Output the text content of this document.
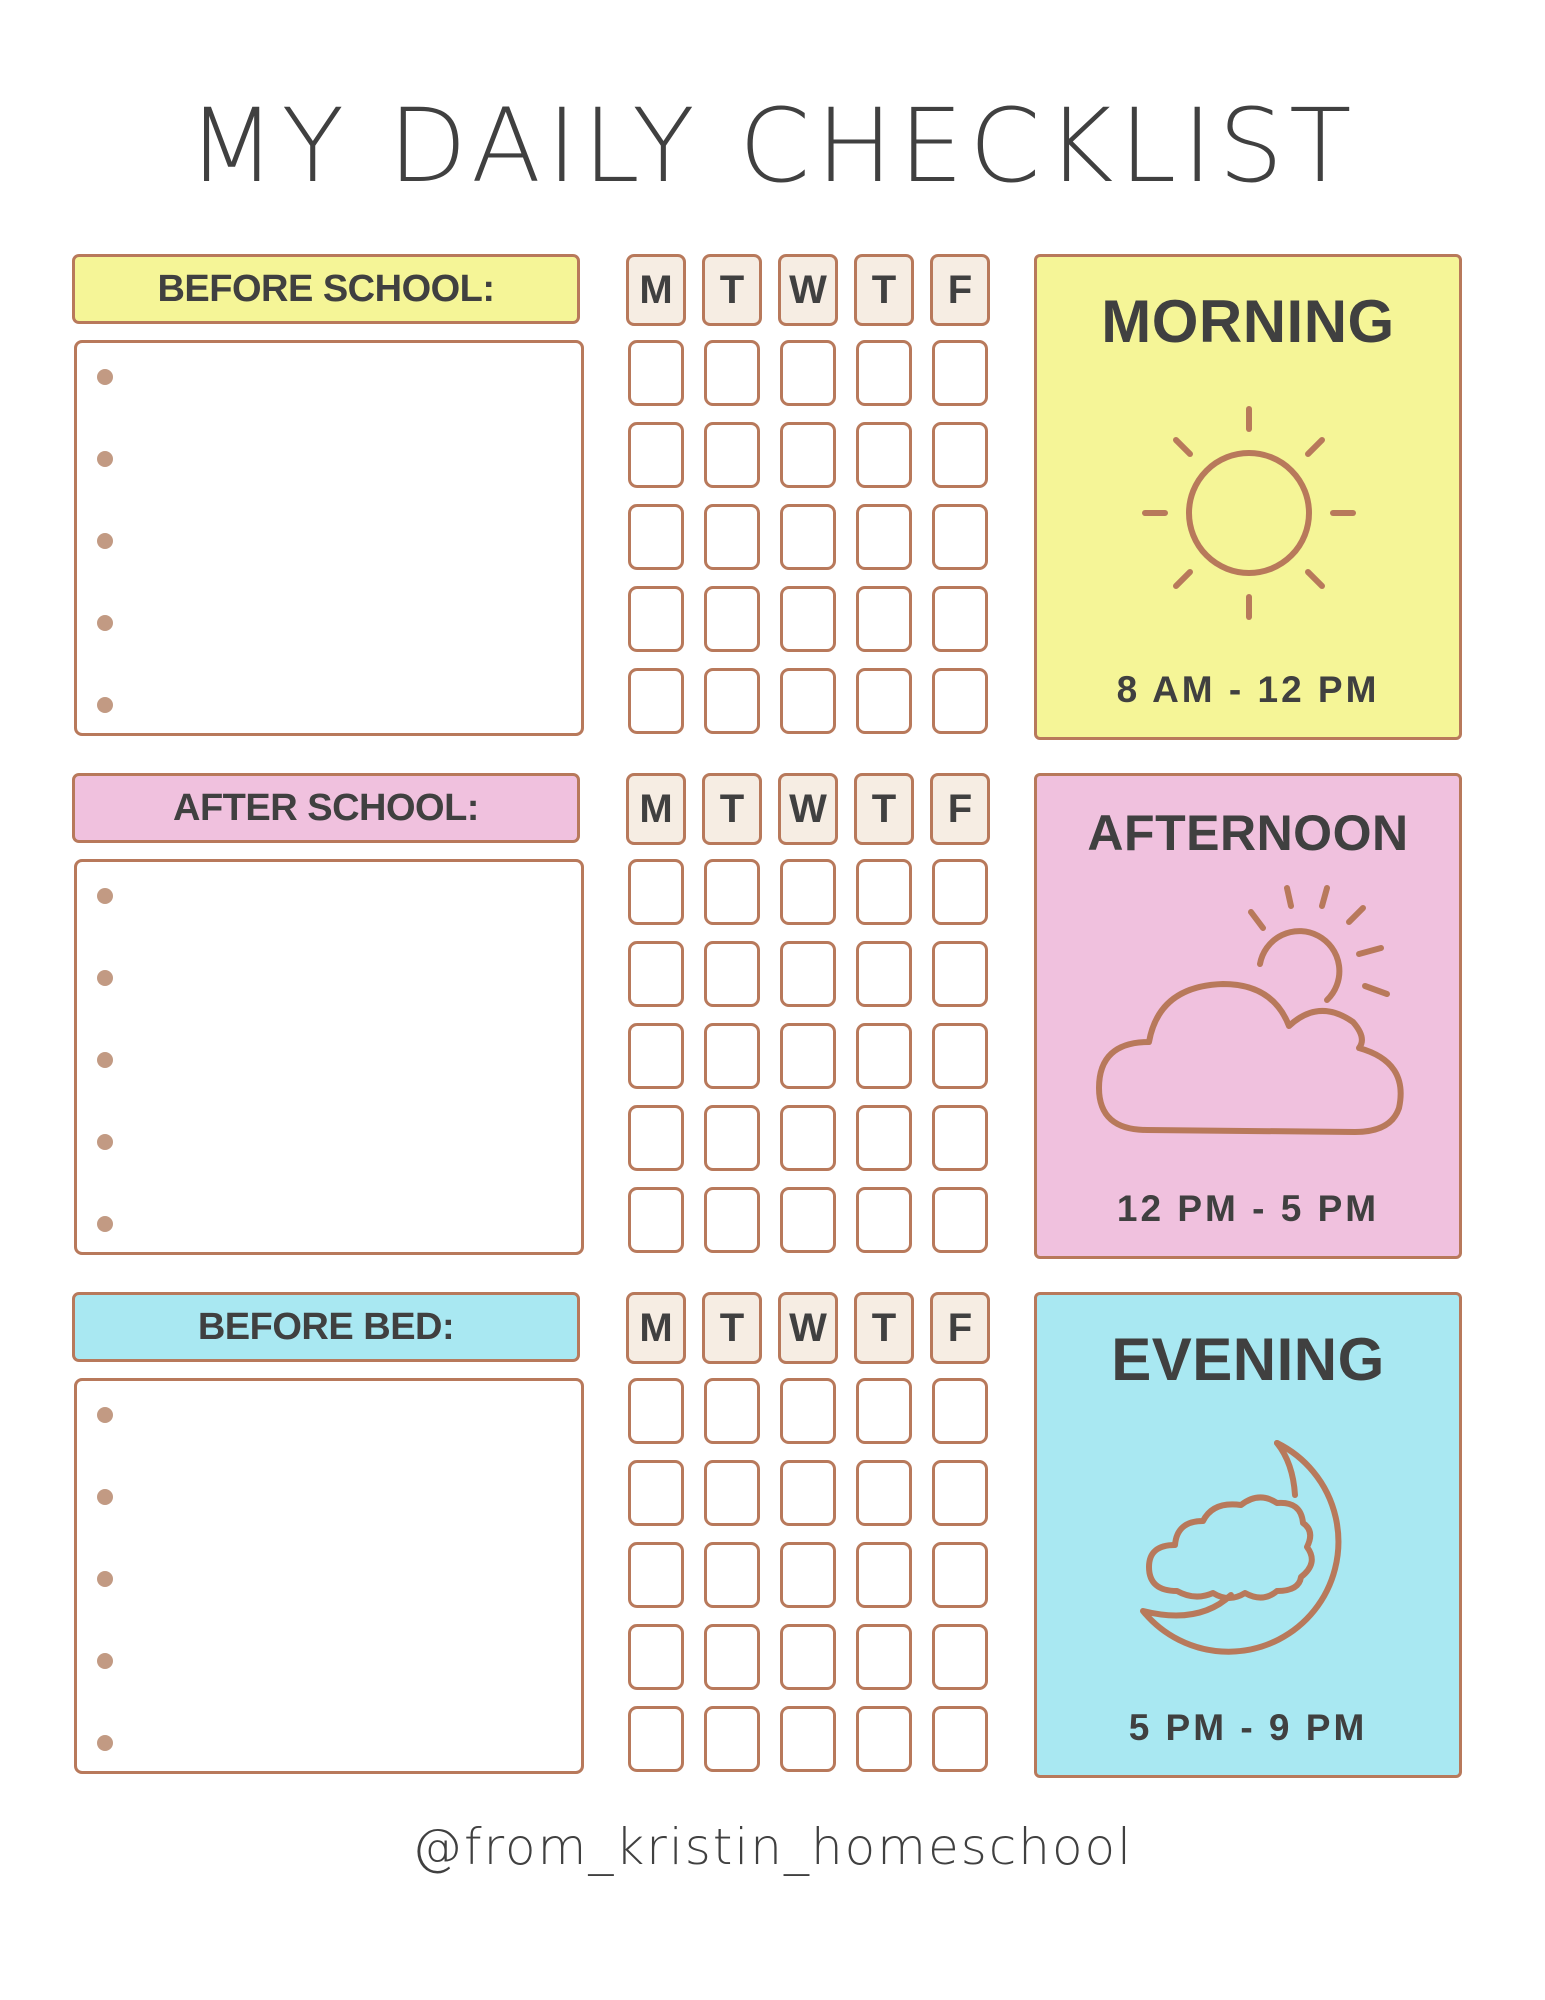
MY DAILY CHECKLIST
BEFORE SCHOOL:	M	T	W	T	F	MORNING
8 AM - 12 PM
AFTER SCHOOL:	M	T	W	T	F	AFTERNOON
12 PM - 5 PM
BEFORE BED:	M	T	W	T	F	EVENING
5 PM - 9 PM
@from_kristin_homeschool
